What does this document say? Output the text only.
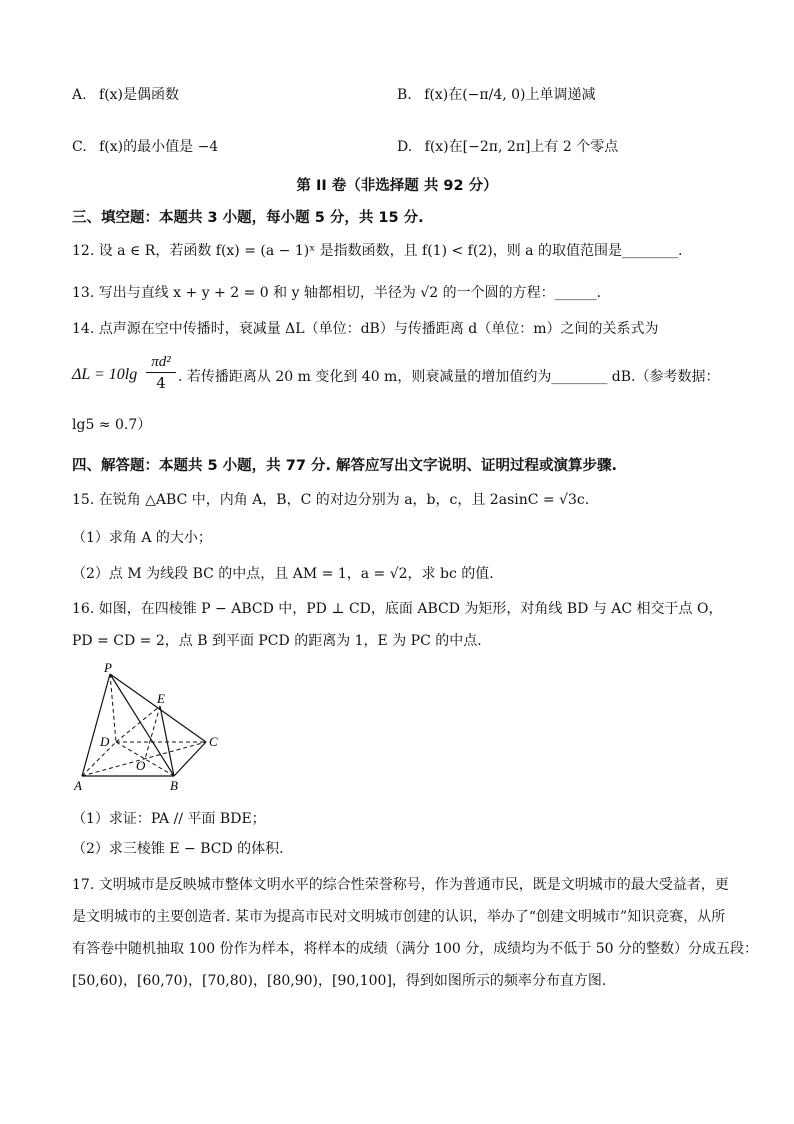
A. f(x)是偶函数	B. f(x)在(−π/4, 0)上单调递减
C. f(x)的最小值是 −4	D. f(x)在[−2π, 2π]上有 2 个零点
第 II 卷（非选择题 共 92 分）
三、填空题：本题共 3 小题，每小题 5 分，共 15 分.
12. 设 a ∈ R，若函数 f(x) = (a − 1)ˣ 是指数函数，且 f(1) < f(2)，则 a 的取值范围是________.
13. 写出与直线 x + y + 2 = 0 和 y 轴都相切，半径为 √2 的一个圆的方程：______.
14. 点声源在空中传播时，衰减量 ΔL（单位：dB）与传播距离 d（单位：m）之间的关系式为
$\Delta L = 10\lg \frac{\text{πd²}}{4}$ . 若传播距离从 20 m 变化到 40 m，则衰减量的增加值约为________ dB.（参考数据：
lg5 ≈ 0.7）
四、解答题：本题共 5 小题，共 77 分. 解答应写出文字说明、证明过程或演算步骤.
15. 在锐角 △ABC 中，内角 A，B，C 的对边分别为 a，b，c，且 2asinC = √3c.
（1）求角 A 的大小；
（2）点 M 为线段 BC 的中点，且 AM = 1，a = √2，求 bc 的值.
16. 如图，在四棱锥 P − ABCD 中，PD ⊥ CD，底面 ABCD 为矩形，对角线 BD 与 AC 相交于点 O，
PD = CD = 2，点 B 到平面 PCD 的距离为 1，E 为 PC 的中点.
P
E
D	C
O
A	B
（1）求证：PA // 平面 BDE；
（2）求三棱锥 E − BCD 的体积.
17. 文明城市是反映城市整体文明水平的综合性荣誉称号，作为普通市民，既是文明城市的最大受益者，更
是文明城市的主要创造者. 某市为提高市民对文明城市创建的认识，举办了“创建文明城市”知识竞赛，从所
有答卷中随机抽取 100 份作为样本，将样本的成绩（满分 100 分，成绩均为不低于 50 分的整数）分成五段：
[50,60)，[60,70)，[70,80)，[80,90)，[90,100]，得到如图所示的频率分布直方图.
